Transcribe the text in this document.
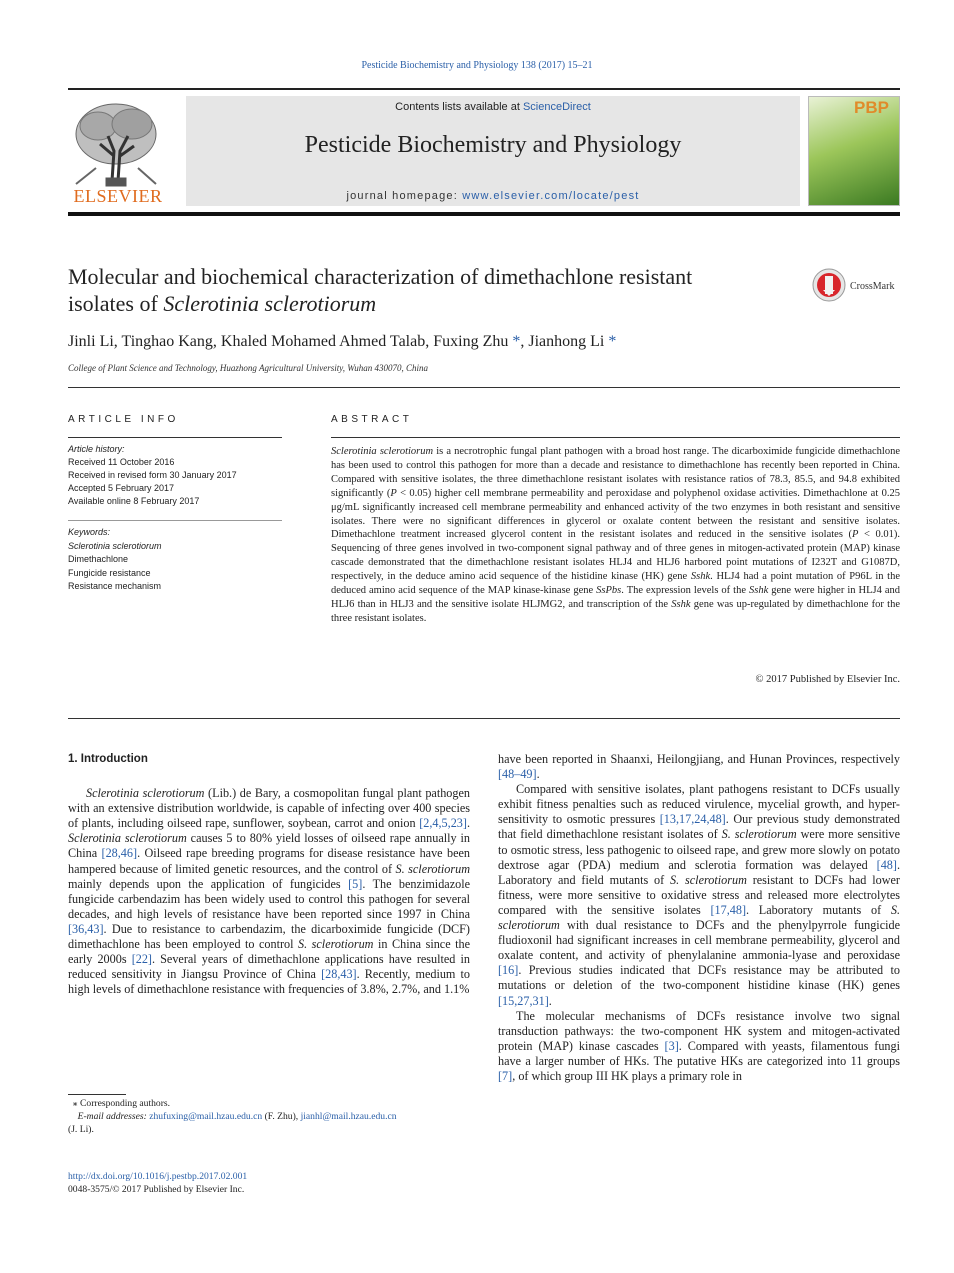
Pesticide Biochemistry and Physiology 138 (2017) 15–21
ELSEVIER
Contents lists available at ScienceDirect
Pesticide Biochemistry and Physiology
journal homepage: www.elsevier.com/locate/pest
PBP
Molecular and biochemical characterization of dimethachlone resistant
isolates of Sclerotinia sclerotiorum
CrossMark
Jinli Li, Tinghao Kang, Khaled Mohamed Ahmed Talab, Fuxing Zhu *, Jianhong Li *
College of Plant Science and Technology, Huazhong Agricultural University, Wuhan 430070, China
ARTICLE INFO
Article history:
Received 11 October 2016
Received in revised form 30 January 2017
Accepted 5 February 2017
Available online 8 February 2017
Keywords:
Sclerotinia sclerotiorum
Dimethachlone
Fungicide resistance
Resistance mechanism
ABSTRACT
Sclerotinia sclerotiorum is a necrotrophic fungal plant pathogen with a broad host range. The dicarboximide fungicide dimethachlone has been used to control this pathogen for more than a decade and resistance to dimethachlone has recently been reported in China. Compared with sensitive isolates, the three dimethachlone resistant isolates with resistance ratios of 78.3, 85.5, and 94.8 exhibited significantly (P < 0.05) higher cell membrane permeability and peroxidase and polyphenol oxidase activities. Dimethachlone at 0.25 μg/mL significantly increased cell membrane permeability and enhanced activity of the two enzymes in both resistant and sensitive isolates. There were no significant differences in glycerol or oxalate content between the resistant and sensitive isolates. Dimethachlone treatment increased glycerol content in the resistant isolates and reduced in the sensitive isolates (P < 0.01). Sequencing of three genes involved in two-component signal pathway and of three genes in mitogen-activated protein (MAP) kinase cascade demonstrated that the dimethachlone resistant isolates HLJ4 and HLJ6 harbored point mutations of I232T and G1087D, respectively, in the deduce amino acid sequence of the histidine kinase (HK) gene Sshk. HLJ4 had a point mutation of P96L in the deduced amino acid sequence of the MAP kinase-kinase gene SsPbs. The expression levels of the Sshk gene were higher in HLJ4 and HLJ6 than in HLJ3 and the sensitive isolate HLJMG2, and transcription of the Sshk gene was up-regulated by dimethachlone for the three resistant isolates.
© 2017 Published by Elsevier Inc.
1. Introduction

Sclerotinia sclerotiorum (Lib.) de Bary, a cosmopolitan fungal plant pathogen with an extensive distribution worldwide, is capable of infecting over 400 species of plants, including oilseed rape, sunflower, soybean, carrot and onion [2,4,5,23]. Sclerotinia sclerotiorum causes 5 to 80% yield losses of oilseed rape annually in China [28,46]. Oilseed rape breeding programs for disease resistance have been hampered because of limited genetic resources, and the control of S. sclerotiorum mainly depends upon the application of fungicides [5]. The benzimidazole fungicide carbendazim has been widely used to control this pathogen for several decades, and high levels of resistance have been reported since 1997 in China [36,43]. Due to resistance to carbendazim, the dicarboximide fungicide (DCF) dimethachlone has been employed to control S. sclerotiorum in China since the early 2000s [22]. Several years of dimethachlone applications have resulted in reduced sensitivity in Jiangsu Province of China [28,43]. Recently, medium to high levels of dimethachlone resistance with frequencies of 3.8%, 2.7%, and 1.1%

have been reported in Shaanxi, Heilongjiang, and Hunan Provinces, respectively [48–49].

Compared with sensitive isolates, plant pathogens resistant to DCFs usually exhibit fitness penalties such as reduced virulence, mycelial growth, and hyper-sensitivity to osmotic pressures [13,17,24,48]. Our previous study demonstrated that field dimethachlone resistant isolates of S. sclerotiorum were more sensitive to osmotic stress, less pathogenic to oilseed rape, and grew more slowly on potato dextrose agar (PDA) medium and sclerotia formation was delayed [48]. Laboratory and field mutants of S. sclerotiorum resistant to DCFs had lower fitness, were more sensitive to oxidative stress and released more electrolytes compared with the sensitive isolates [17,48]. Laboratory mutants of S. sclerotiorum with dual resistance to DCFs and the phenylpyrrole fungicide fludioxonil had significant increases in cell membrane permeability, glycerol and oxalate content, and activity of phenylalanine ammonia-lyase and peroxidase [16]. Previous studies indicated that DCFs resistance may be attributed to mutations or deletion of the two-component histidine kinase (HK) genes [15,27,31].

The molecular mechanisms of DCFs resistance involve two signal transduction pathways: the two-component HK system and mitogen-activated protein (MAP) kinase cascades [3]. Compared with yeasts, filamentous fungi have a larger number of HKs. The putative HKs are categorized into 11 groups [7], of which group III HK plays a primary role in

⁎ Corresponding authors.
E-mail addresses: zhufuxing@mail.hzau.edu.cn (F. Zhu), jianhl@mail.hzau.edu.cn
(J. Li).
http://dx.doi.org/10.1016/j.pestbp.2017.02.001
0048-3575/© 2017 Published by Elsevier Inc.
